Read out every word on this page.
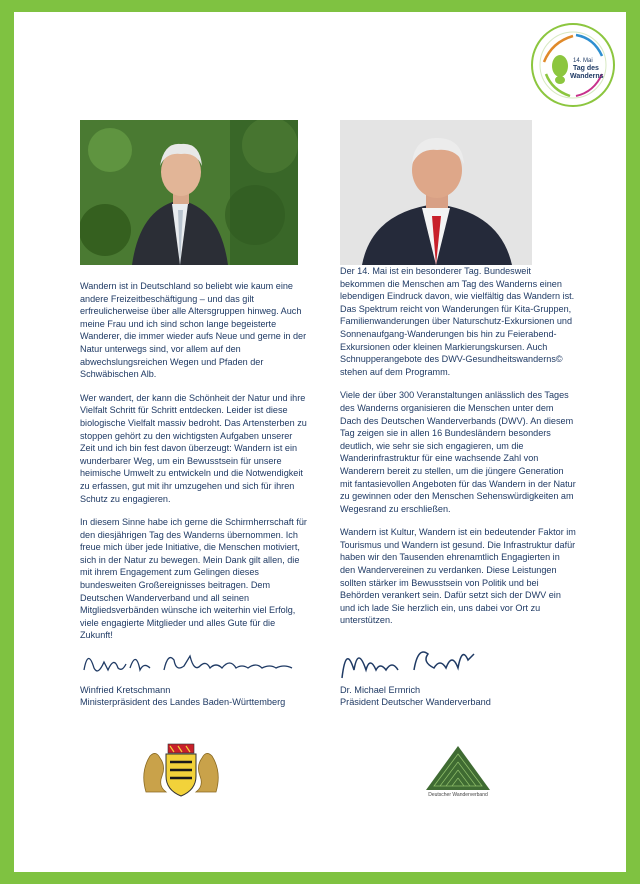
14. Mai
Tag des
Wanderns

Wandern ist in Deutschland so beliebt wie kaum eine andere Freizeitbeschäftigung – und das gilt erfreulicherweise über alle Altersgruppen hinweg. Auch meine Frau und ich sind schon lange begeisterte Wanderer, die immer wieder aufs Neue und gerne in der Natur unterwegs sind, vor allem auf den abwechslungsreichen Wegen und Pfaden der Schwäbischen Alb.

Wer wandert, der kann die Schönheit der Natur und ihre Vielfalt Schritt für Schritt entdecken. Leider ist diese biologische Vielfalt massiv bedroht. Das Artensterben zu stoppen gehört zu den wichtigsten Aufgaben unserer Zeit und ich bin fest davon überzeugt: Wandern ist ein wunderbarer Weg, um ein Bewusstsein für unsere heimische Umwelt zu entwickeln und die Notwendigkeit zu erfassen, gut mit ihr umzugehen und sich für ihren Schutz zu engagieren.

In diesem Sinne habe ich gerne die Schirmherrschaft für den diesjährigen Tag des Wanderns übernommen. Ich freue mich über jede Initiative, die Menschen motiviert, sich in der Natur zu bewegen. Mein Dank gilt allen, die mit ihrem Engagement zum Gelingen dieses bundesweiten Großereignisses beitragen. Dem Deutschen Wanderverband und all seinen Mitgliedsverbänden wünsche ich weiterhin viel Erfolg, viele engagierte Mitglieder und alles Gute für die Zukunft!

Der 14. Mai ist ein besonderer Tag. Bundesweit bekommen die Menschen am Tag des Wanderns einen lebendigen Eindruck davon, wie vielfältig das Wandern ist. Das Spektrum reicht von Wanderungen für Kita-Gruppen, Familienwanderungen über Naturschutz-Exkursionen und Sonnenaufgang-Wanderungen bis hin zu Feierabend-Exkursionen oder kleinen Markierungskursen. Auch Schnupperangebote des DWV-Gesundheitswanderns© stehen auf dem Programm.

Viele der über 300 Veranstaltungen anlässlich des Tages des Wanderns organisieren die Menschen unter dem Dach des Deutschen Wanderverbands (DWV). An diesem Tag zeigen sie in allen 16 Bundesländern besonders deutlich, wie sehr sie sich engagieren, um die Wanderinfrastruktur für eine wachsende Zahl von Wanderern bereit zu stellen, um die jüngere Generation mit fantasievollen Angeboten für das Wandern in der Natur zu gewinnen oder den Menschen Sehenswürdigkeiten am Wegesrand zu erschließen.

Wandern ist Kultur, Wandern ist ein bedeutender Faktor im Tourismus und Wandern ist gesund. Die Infrastruktur dafür haben wir den Tausenden ehrenamtlich Engagierten in den Wandervereinen zu verdanken. Diese Leistungen sollten stärker im Bewusstsein von Politik und bei Behörden verankert sein. Dafür setzt sich der DWV ein und ich lade Sie herzlich ein, uns dabei vor Ort zu unterstützen.

Winfried Kretschmann
Ministerpräsident des Landes Baden-Württemberg
Dr. Michael Ermrich
Präsident Deutscher Wanderverband
Deutscher Wanderverband
